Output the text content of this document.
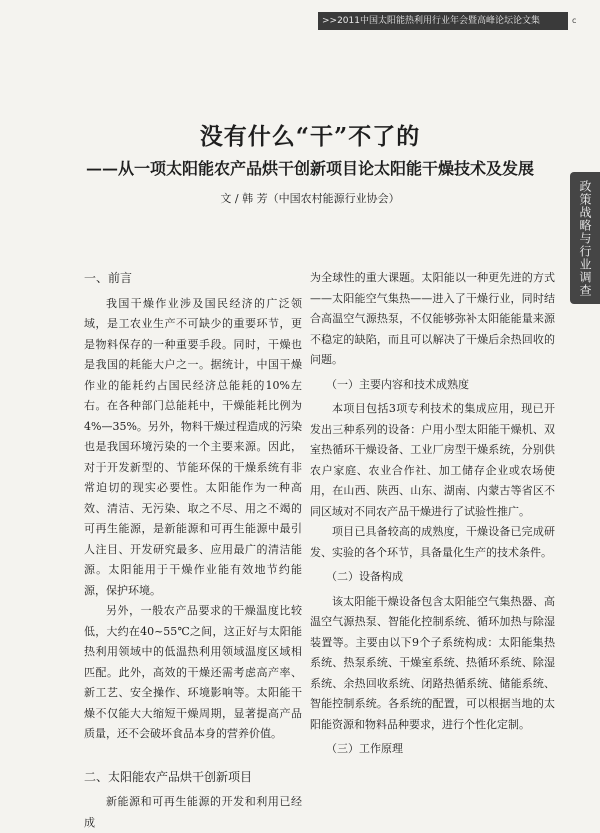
>>2011中国太阳能热利用行业年会暨高峰论坛论文集	c
没有什么“干”不了的
——从一项太阳能农产品烘干创新项目论太阳能干燥技术及发展
文 / 韩 芳（中国农村能源行业协会）	政策战略与行业调查

一、前言

我国干燥作业涉及国民经济的广泛领域，是工农业生产不可缺少的重要环节，更是物料保存的一种重要手段。同时，干燥也是我国的耗能大户之一。据统计，中国干燥作业的能耗约占国民经济总能耗的10%左右。在各种部门总能耗中，干燥能耗比例为4%—35%。另外，物料干燥过程造成的污染也是我国环境污染的一个主要来源。因此，对于开发新型的、节能环保的干燥系统有非常迫切的现实必要性。太阳能作为一种高效、清洁、无污染、取之不尽、用之不竭的可再生能源，是新能源和可再生能源中最引人注目、开发研究最多、应用最广的清洁能源。太阳能用于干燥作业能有效地节约能源，保护环境。

另外，一般农产品要求的干燥温度比较低，大约在40~55℃之间，这正好与太阳能热利用领域中的低温热利用领域温度区域相匹配。此外，高效的干燥还需考虑高产率、新工艺、安全操作、环境影响等。太阳能干燥不仅能大大缩短干燥周期，显著提高产品质量，还不会破坏食品本身的营养价值。

二、太阳能农产品烘干创新项目

新能源和可再生能源的开发和利用已经成

为全球性的重大课题。太阳能以一种更先进的方式——太阳能空气集热——进入了干燥行业，同时结合高温空气源热泵，不仅能够弥补太阳能能量来源不稳定的缺陷，而且可以解决了干燥后余热回收的问题。

（一）主要内容和技术成熟度

本项目包括3项专利技术的集成应用，现已开发出三种系列的设备：户用小型太阳能干燥机、双室热循环干燥设备、工业厂房型干燥系统，分别供农户家庭、农业合作社、加工储存企业或农场使用，在山西、陕西、山东、湖南、内蒙古等省区不同区域对不同农产品干燥进行了试验性推广。

项目已具备较高的成熟度，干燥设备已完成研发、实验的各个环节，具备量化生产的技术条件。

（二）设备构成

该太阳能干燥设备包含太阳能空气集热器、高温空气源热泵、智能化控制系统、循环加热与除湿装置等。主要由以下9个子系统构成：太阳能集热系统、热泵系统、干燥室系统、热循环系统、除湿系统、余热回收系统、闭路热循系统、储能系统、智能控制系统。各系统的配置，可以根据当地的太阳能资源和物料品种要求，进行个性化定制。

（三）工作原理
